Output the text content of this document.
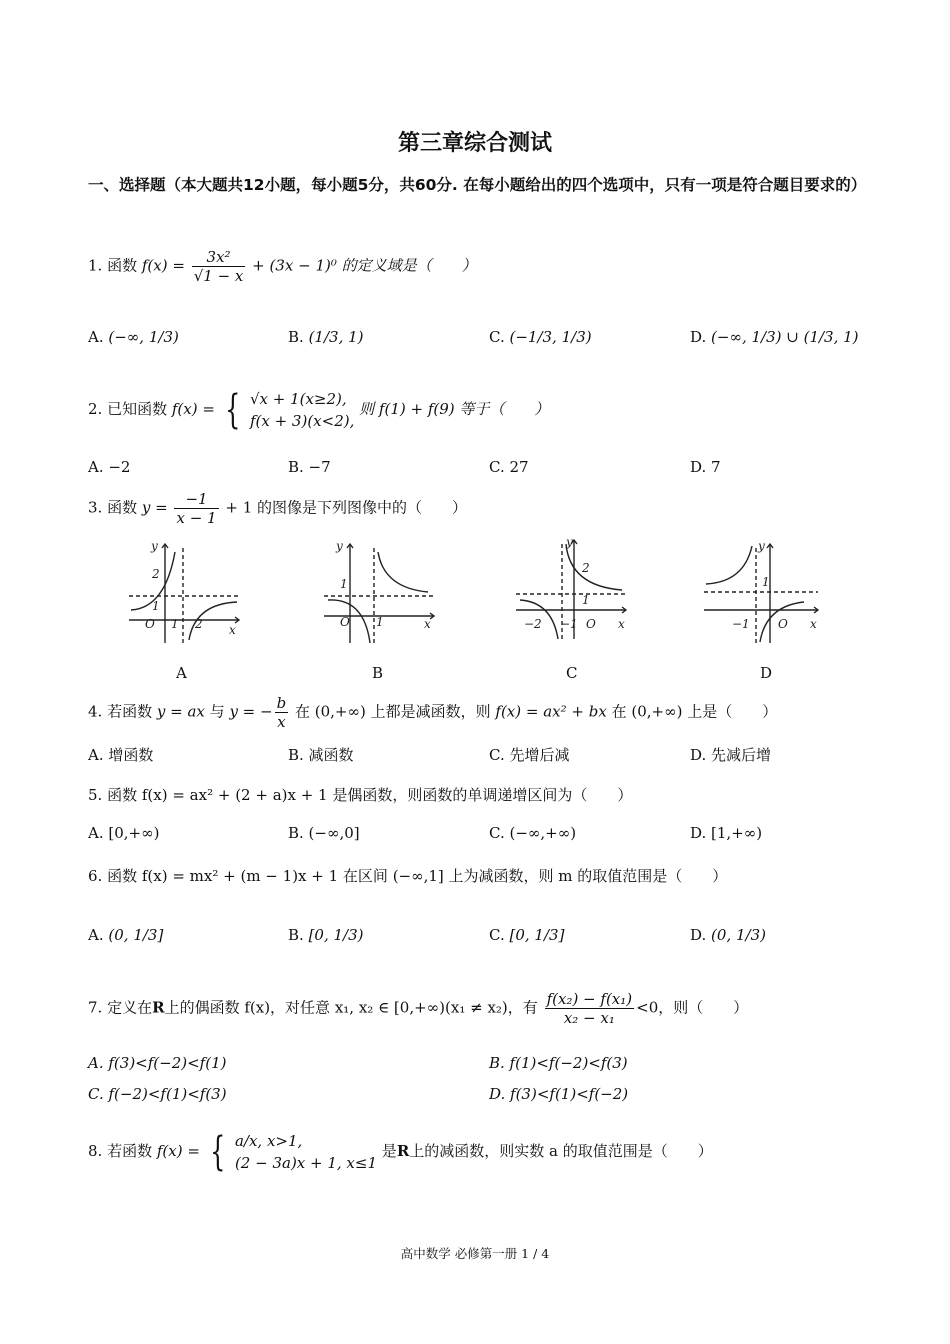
第三章综合测试
一、选择题（本大题共12小题，每小题5分，共60分. 在每小题给出的四个选项中，只有一项是符合题目要求的）
1. 函数 $f(x) = \frac{\text{3x²}}{√1 - x} + (3x - 1)^0$ 的定义域是（　　）
A. (−∞, 1/3)	B. (1/3, 1)	C. (−1/3, 1/3)	D. (−∞, 1/3) ∪ (1/3, 1)
2. 已知函数 f(x) = { √x + 1(x≥2),
f(x + 3)(x<2),
则 f(1) + f(9) 等于（　　）
A. −2	B. −7	C. 27	D. 7
3. 函数 $y = \frac{-1}{x - 1} + 1$ 的图像是下列图像中的（　　）
y
O	x
2
1
1 2
y
O	x
1
1
y
O x
2
1
−2 −1
y
O x
1
−1
A	B	C	D
4. 若函数 y = ax 与 y = − $\frac{b}{x}$ 在 (0,+∞) 上都是减函数，则 f(x) = ax² + bx 在 (0,+∞) 上是（　　）
A. 增函数	B. 减函数	C. 先增后减	D. 先减后增
5. 函数 f(x) = ax² + (2 + a)x + 1 是偶函数，则函数的单调递增区间为（　　）
A. [0,+∞)	B. (−∞,0]	C. (−∞,+∞)	D. [1,+∞)
6. 函数 f(x) = mx² + (m − 1)x + 1 在区间 (−∞,1] 上为减函数，则 m 的取值范围是（　　）
A. (0, 1/3]	B. [0, 1/3)	C. [0, 1/3]	D. (0, 1/3)
7. 定义在R上的偶函数 f(x)，对任意 x₁, x₂ ∈ [0,+∞)(x₁ ≠ x₂)，有 $\frac{\text{f(x₂) − f(x₁)}}{\text{x₂ − x₁}} <0$，则（　　）
A. f(3)<f(−2)<f(1)	B. f(1)<f(−2)<f(3)
C. f(−2)<f(1)<f(3)	D. f(3)<f(1)<f(−2)
8. 若函数 f(x) = { a/x, x>1,
(2 − 3a)x + 1, x≤1
是R上的减函数，则实数 a 的取值范围是（　　）
高中数学 必修第一册 1 / 4
